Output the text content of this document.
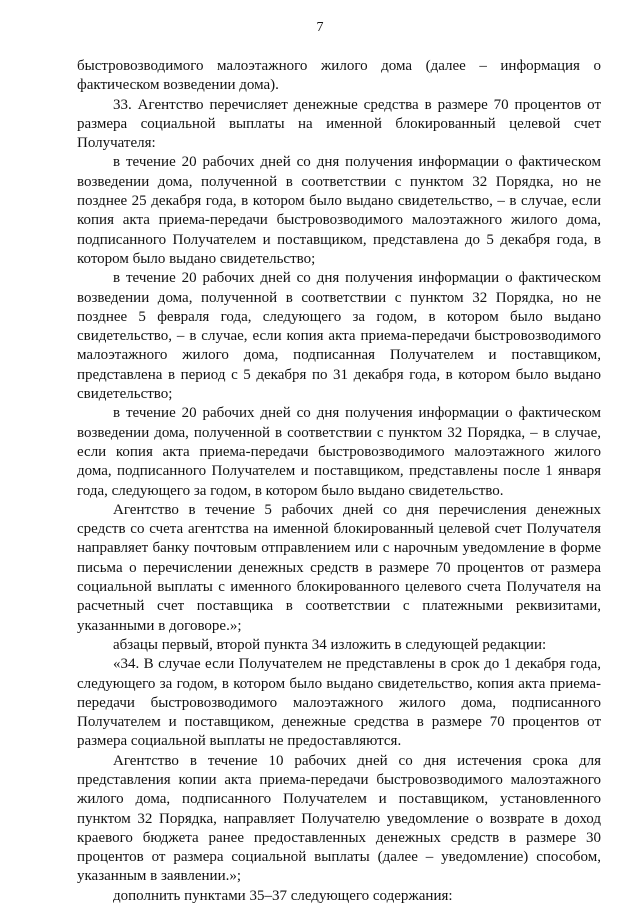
7

быстровозводимого малоэтажного жилого дома (далее – информация о фактическом возведении дома).

33. Агентство перечисляет денежные средства в размере 70 процентов от размера социальной выплаты на именной блокированный целевой счет Получателя:

в течение 20 рабочих дней со дня получения информации о фактическом возведении дома, полученной в соответствии с пунктом 32 Порядка, но не позднее 25 декабря года, в котором было выдано свидетельство, – в случае, если копия акта приема-передачи быстровозводимого малоэтажного жилого дома, подписанного Получателем и поставщиком, представлена до 5 декабря года, в котором было выдано свидетельство;

в течение 20 рабочих дней со дня получения информации о фактическом возведении дома, полученной в соответствии с пунктом 32 Порядка, но не позднее 5 февраля года, следующего за годом, в котором было выдано свидетельство, – в случае, если копия акта приема-передачи быстровозводимого малоэтажного жилого дома, подписанная Получателем и поставщиком, представлена в период с 5 декабря по 31 декабря года, в котором было выдано свидетельство;

в течение 20 рабочих дней со дня получения информации о фактическом возведении дома, полученной в соответствии с пунктом 32 Порядка, – в случае, если копия акта приема-передачи быстровозводимого малоэтажного жилого дома, подписанного Получателем и поставщиком, представлены после 1 января года, следующего за годом, в котором было выдано свидетельство.

Агентство в течение 5 рабочих дней со дня перечисления денежных средств со счета агентства на именной блокированный целевой счет Получателя направляет банку почтовым отправлением или с нарочным уведомление в форме письма о перечислении денежных средств в размере 70 процентов от размера социальной выплаты с именного блокированного целевого счета Получателя на расчетный счет поставщика в соответствии с платежными реквизитами, указанными в договоре.»;

абзацы первый, второй пункта 34 изложить в следующей редакции:

«34. В случае если Получателем не представлены в срок до 1 декабря года, следующего за годом, в котором было выдано свидетельство, копия акта приема-передачи быстровозводимого малоэтажного жилого дома, подписанного Получателем и поставщиком, денежные средства в размере 70 процентов от размера социальной выплаты не предоставляются.

Агентство в течение 10 рабочих дней со дня истечения срока для представления копии акта приема-передачи быстровозводимого малоэтажного жилого дома, подписанного Получателем и поставщиком, установленного пунктом 32 Порядка, направляет Получателю уведомление о возврате в доход краевого бюджета ранее предоставленных денежных средств в размере 30 процентов от размера социальной выплаты (далее – уведомление) способом, указанным в заявлении.»;

дополнить пунктами 35–37 следующего содержания:
